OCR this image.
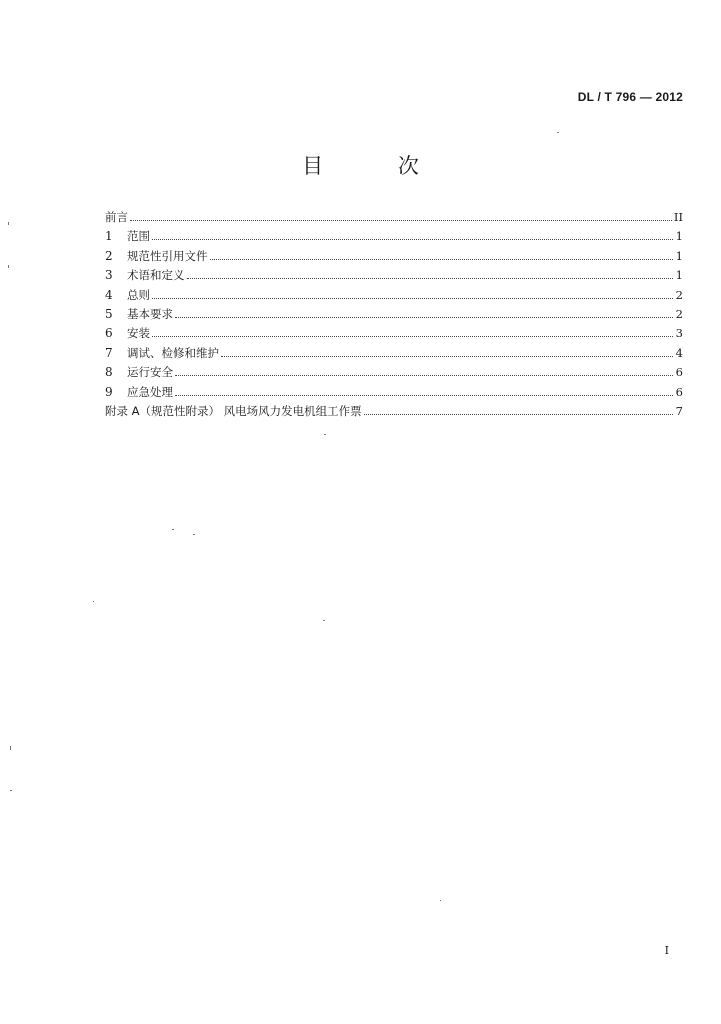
DL / T 796 — 2012
目 次
前言	II
1	范围	1
2	规范性引用文件	1
3	术语和定义	1
4	总则	2
5	基本要求	2
6	安装	3
7	调试、检修和维护	4
8	运行安全	6
9	应急处理	6
附录 A（规范性附录） 风电场风力发电机组工作票	7
I
